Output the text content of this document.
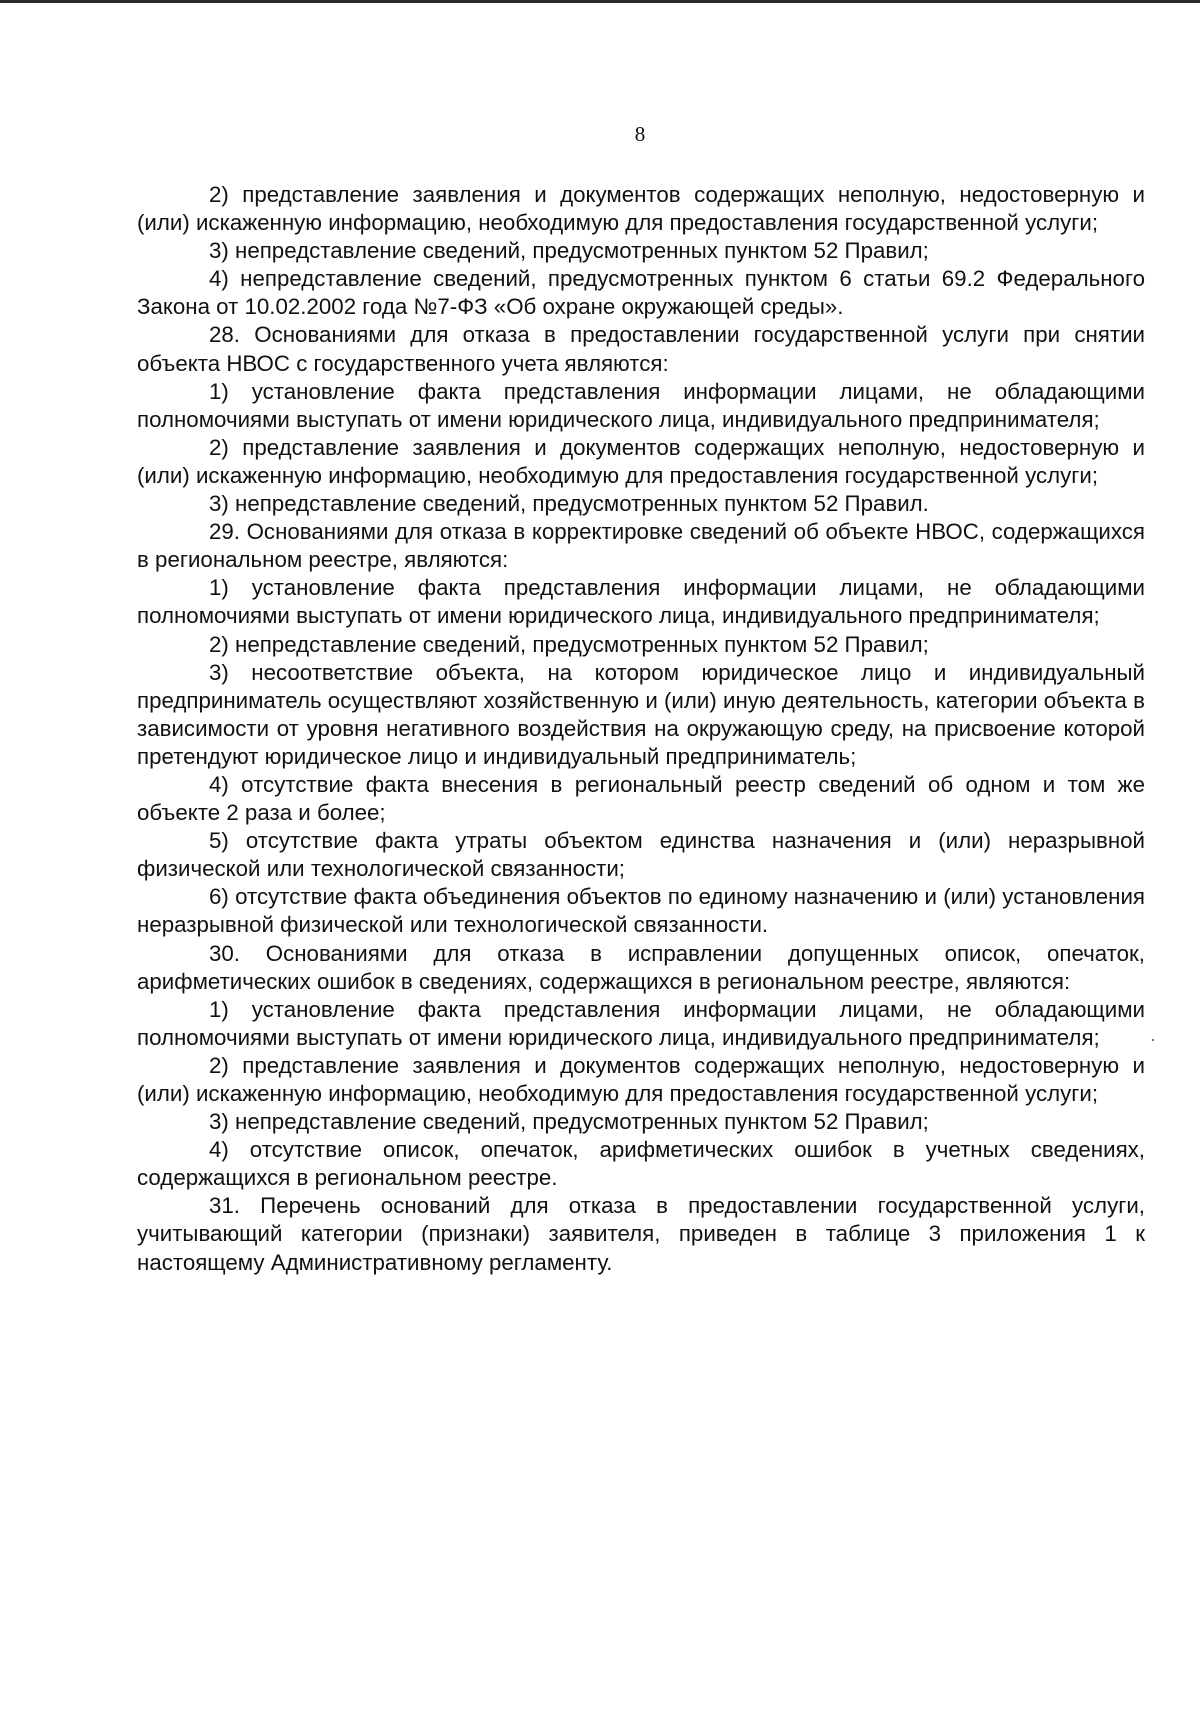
8

2) представление заявления и документов содержащих неполную, недостоверную и (или) искаженную информацию, необходимую для предоставления государственной услуги;

3) непредставление сведений, предусмотренных пунктом 52 Правил;

4) непредставление сведений, предусмотренных пунктом 6 статьи 69.2 Федерального Закона от 10.02.2002 года №7-ФЗ «Об охране окружающей среды».

28. Основаниями для отказа в предоставлении государственной услуги при снятии объекта НВОС с государственного учета являются:

1) установление факта представления информации лицами, не обладающими полномочиями выступать от имени юридического лица, индивидуального предпринимателя;

2) представление заявления и документов содержащих неполную, недостоверную и (или) искаженную информацию, необходимую для предоставления государственной услуги;

3) непредставление сведений, предусмотренных пунктом 52 Правил.

29. Основаниями для отказа в корректировке сведений об объекте НВОС, содержащихся в региональном реестре, являются:

1) установление факта представления информации лицами, не обладающими полномочиями выступать от имени юридического лица, индивидуального предпринимателя;

2) непредставление сведений, предусмотренных пунктом 52 Правил;

3) несоответствие объекта, на котором юридическое лицо и индивидуальный предприниматель осуществляют хозяйственную и (или) иную деятельность, категории объекта в зависимости от уровня негативного воздействия на окружающую среду, на присвоение которой претендуют юридическое лицо и индивидуальный предприниматель;

4) отсутствие факта внесения в региональный реестр сведений об одном и том же объекте 2 раза и более;

5) отсутствие факта утраты объектом единства назначения и (или) неразрывной физической или технологической связанности;

6) отсутствие факта объединения объектов по единому назначению и (или) установления неразрывной физической или технологической связанности.

30. Основаниями для отказа в исправлении допущенных описок, опечаток, арифметических ошибок в сведениях, содержащихся в региональном реестре, являются:

1) установление факта представления информации лицами, не обладающими полномочиями выступать от имени юридического лица, индивидуального предпринимателя;

2) представление заявления и документов содержащих неполную, недостоверную и (или) искаженную информацию, необходимую для предоставления государственной услуги;

3) непредставление сведений, предусмотренных пунктом 52 Правил;

4) отсутствие описок, опечаток, арифметических ошибок в учетных сведениях, содержащихся в региональном реестре.

31. Перечень оснований для отказа в предоставлении государственной услуги, учитывающий категории (признаки) заявителя, приведен в таблице 3 приложения 1 к настоящему Административному регламенту.
